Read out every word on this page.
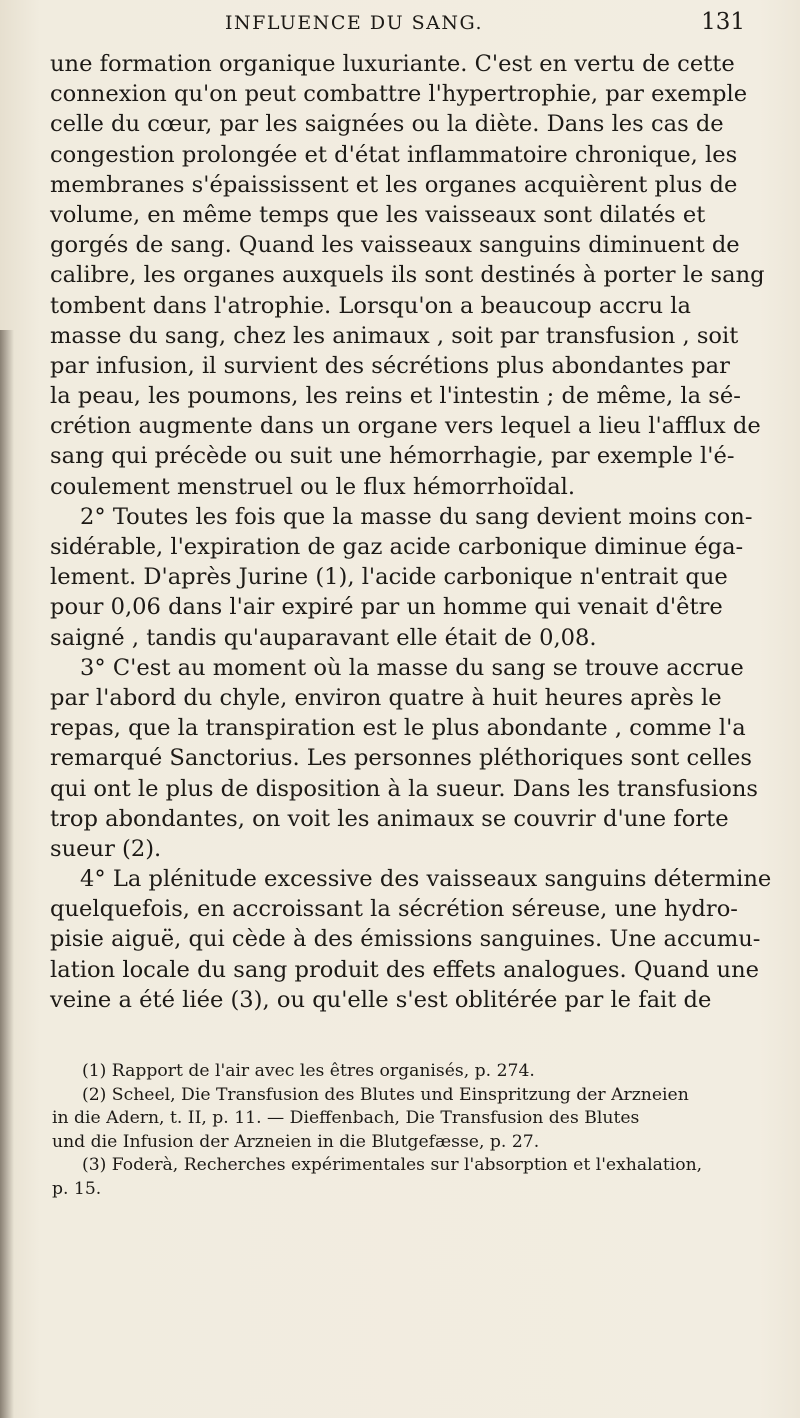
INFLUENCE DU SANG.	131
une formation organique luxuriante. C'est en vertu de cette
connexion qu'on peut combattre l'hypertrophie, par exemple
celle du cœur, par les saignées ou la diète. Dans les cas de
congestion prolongée et d'état inflammatoire chronique, les
membranes s'épaississent et les organes acquièrent plus de
volume, en même temps que les vaisseaux sont dilatés et
gorgés de sang. Quand les vaisseaux sanguins diminuent de
calibre, les organes auxquels ils sont destinés à porter le sang
tombent dans l'atrophie. Lorsqu'on a beaucoup accru la
masse du sang, chez les animaux , soit par transfusion , soit
par infusion, il survient des sécrétions plus abondantes par
la peau, les poumons, les reins et l'intestin ; de même, la sé-
crétion augmente dans un organe vers lequel a lieu l'afflux de
sang qui précède ou suit une hémorrhagie, par exemple l'é-
coulement menstruel ou le flux hémorrhoïdal.
2° Toutes les fois que la masse du sang devient moins con-
sidérable, l'expiration de gaz acide carbonique diminue éga-
lement. D'après Jurine (1), l'acide carbonique n'entrait que
pour 0,06 dans l'air expiré par un homme qui venait d'être
saigné , tandis qu'auparavant elle était de 0,08.
3° C'est au moment où la masse du sang se trouve accrue
par l'abord du chyle, environ quatre à huit heures après le
repas, que la transpiration est le plus abondante , comme l'a
remarqué Sanctorius. Les personnes pléthoriques sont celles
qui ont le plus de disposition à la sueur. Dans les transfusions
trop abondantes, on voit les animaux se couvrir d'une forte
sueur (2).
4° La plénitude excessive des vaisseaux sanguins détermine
quelquefois, en accroissant la sécrétion séreuse, une hydro-
pisie aiguë, qui cède à des émissions sanguines. Une accumu-
lation locale du sang produit des effets analogues. Quand une
veine a été liée (3), ou qu'elle s'est oblitérée par le fait de
(1) Rapport de l'air avec les êtres organisés, p. 274.
(2) Scheel, Die Transfusion des Blutes und Einspritzung der Arzneien
in die Adern, t. II, p. 11. — Dieffenbach, Die Transfusion des Blutes
und die Infusion der Arzneien in die Blutgefæsse, p. 27.
(3) Foderà, Recherches expérimentales sur l'absorption et l'exhalation,
p. 15.
